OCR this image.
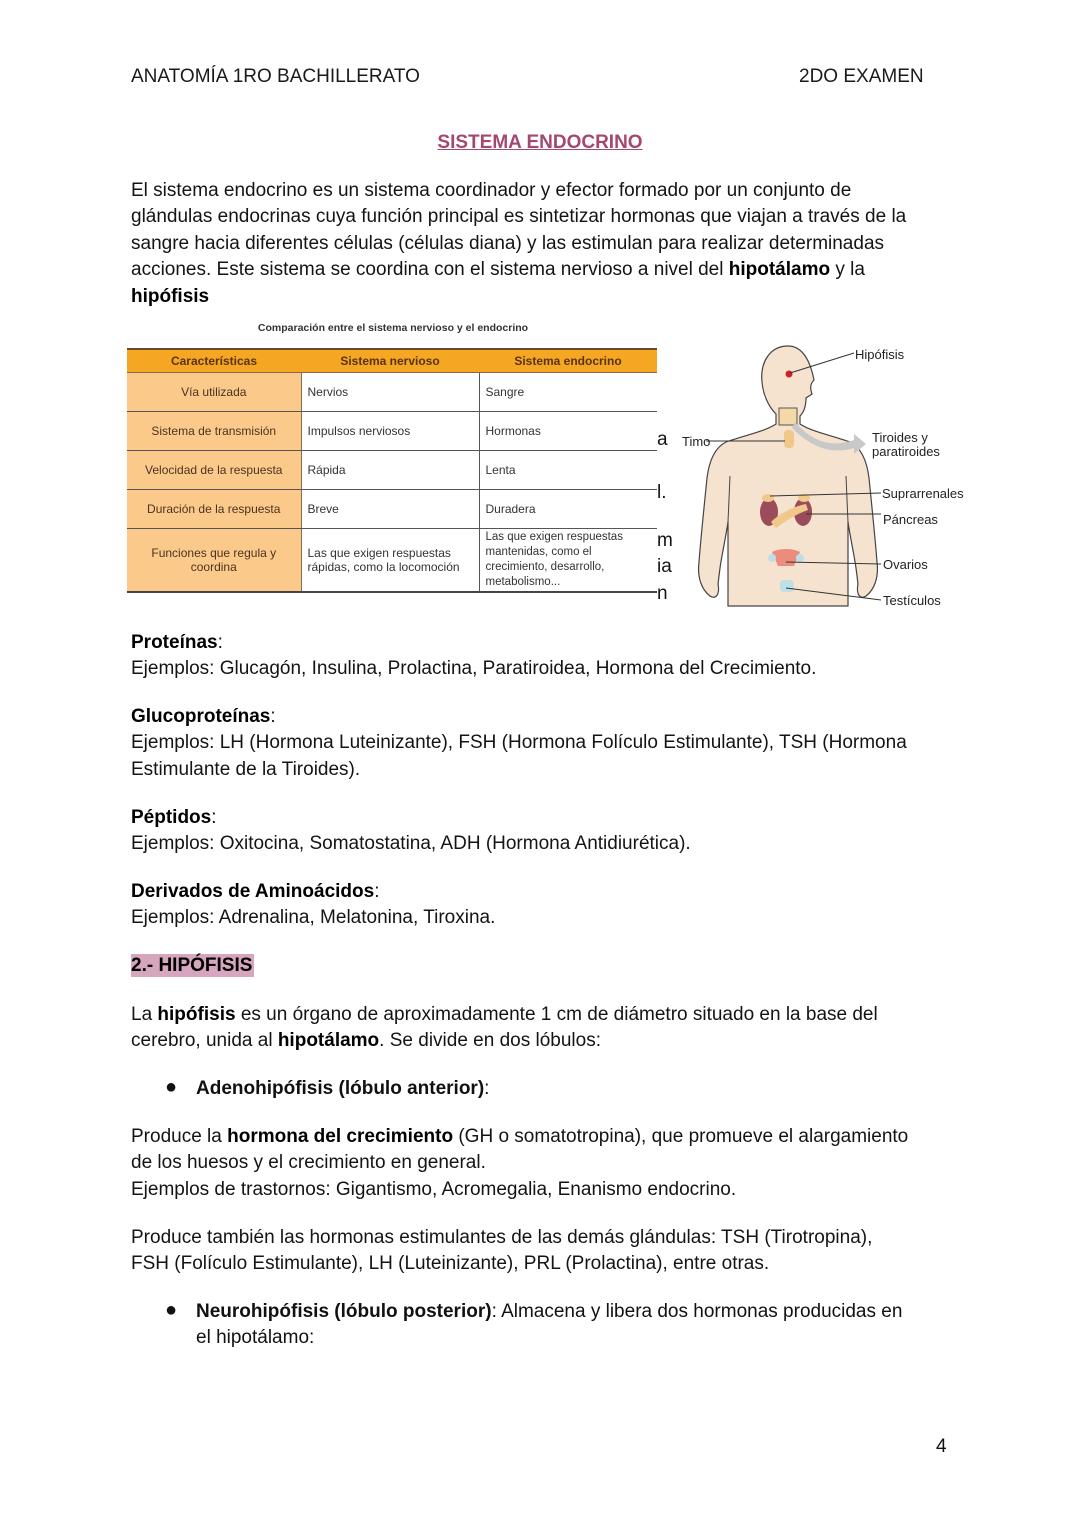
ANATOMÍA 1RO BACHILLERATO	2DO EXAMEN
SISTEMA ENDOCRINO
El sistema endocrino es un sistema coordinador y efector formado por un conjunto de
glándulas endocrinas cuya función principal es sintetizar hormonas que viajan a través de la
sangre hacia diferentes células (células diana) y las estimulan para realizar determinadas
acciones. Este sistema se coordina con el sistema nervioso a nivel del hipotálamo y la
hipófisis
a
l.
m
ia
n
Comparación entre el sistema nervioso y el endocrino
Características	Sistema nervioso	Sistema endocrino
Vía utilizada	Nervios	Sangre
Sistema de transmisión	Impulsos nerviosos	Hormonas
Velocidad de la respuesta	Rápida	Lenta
Duración de la respuesta	Breve	Duradera
Funciones que regula y coordina	Las que exigen respuestas rápidas, como la locomoción	Las que exigen respuestas mantenidas, como el crecimiento, desarrollo, metabolismo...
Hipófisis
Timo	Tiroides y
paratiroides
Suprarrenales
Páncreas
Ovarios
Testículos
Proteínas:
Ejemplos: Glucagón, Insulina, Prolactina, Paratiroidea, Hormona del Crecimiento.
Glucoproteínas:
Ejemplos: LH (Hormona Luteinizante), FSH (Hormona Folículo Estimulante), TSH (Hormona
Estimulante de la Tiroides).
Péptidos:
Ejemplos: Oxitocina, Somatostatina, ADH (Hormona Antidiurética).
Derivados de Aminoácidos:
Ejemplos: Adrenalina, Melatonina, Tiroxina.
2.- HIPÓFISIS
La hipófisis es un órgano de aproximadamente 1 cm de diámetro situado en la base del
cerebro, unida al hipotálamo. Se divide en dos lóbulos:
● Adenohipófisis (lóbulo anterior):
Produce la hormona del crecimiento (GH o somatotropina), que promueve el alargamiento
de los huesos y el crecimiento en general.
Ejemplos de trastornos: Gigantismo, Acromegalia, Enanismo endocrino.
Produce también las hormonas estimulantes de las demás glándulas: TSH (Tirotropina),
FSH (Folículo Estimulante), LH (Luteinizante), PRL (Prolactina), entre otras.
● Neurohipófisis (lóbulo posterior): Almacena y libera dos hormonas producidas en
el hipotálamo:
4
